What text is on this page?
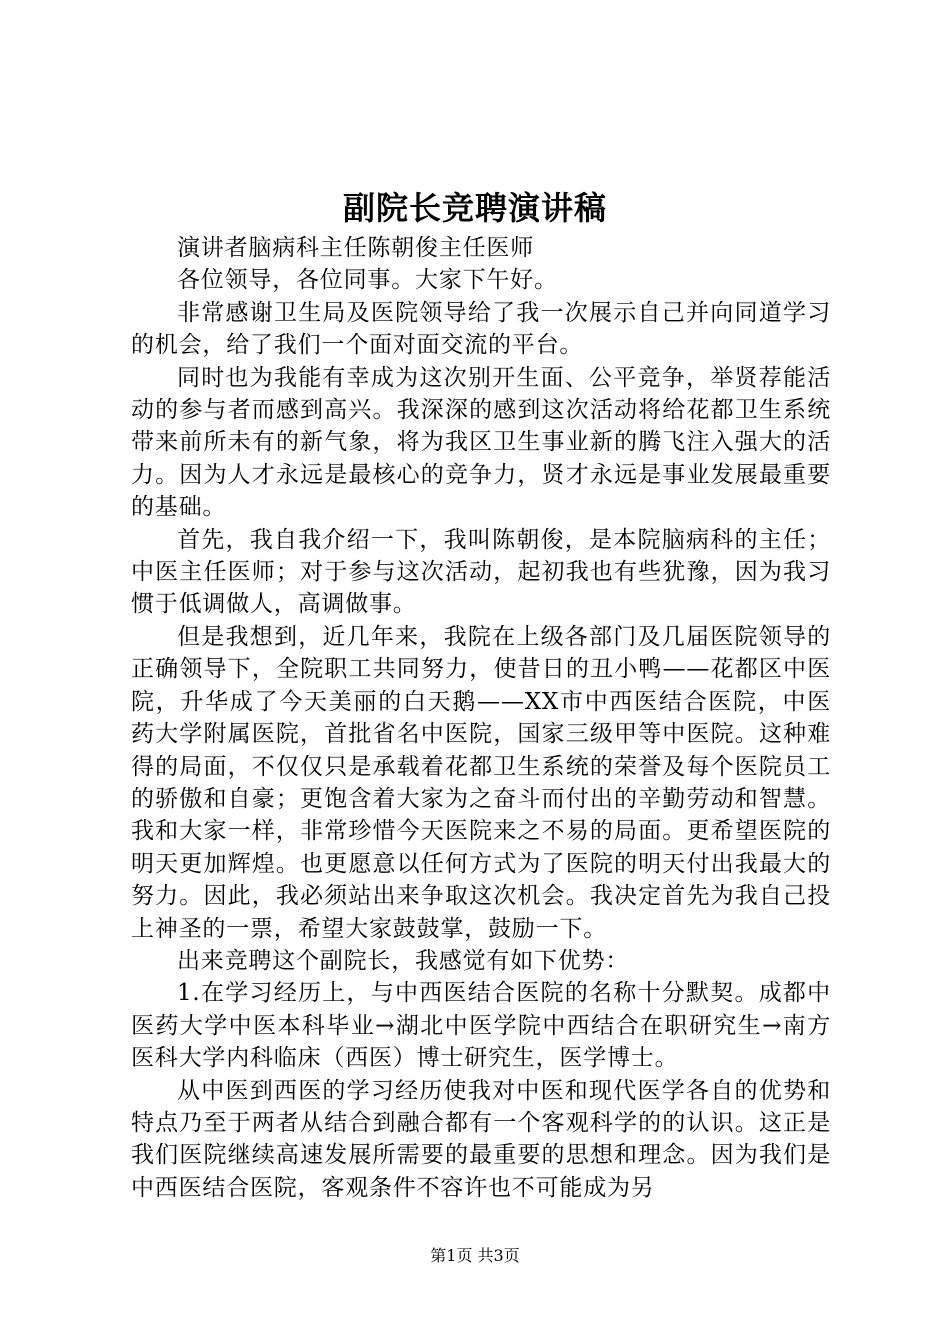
副院长竞聘演讲稿

演讲者脑病科主任陈朝俊主任医师

各位领导，各位同事。大家下午好。

非常感谢卫生局及医院领导给了我一次展示自己并向同道学习的机会，给了我们一个面对面交流的平台。

同时也为我能有幸成为这次别开生面、公平竞争，举贤荐能活动的参与者而感到高兴。我深深的感到这次活动将给花都卫生系统带来前所未有的新气象，将为我区卫生事业新的腾飞注入强大的活力。因为人才永远是最核心的竞争力，贤才永远是事业发展最重要的基础。

首先，我自我介绍一下，我叫陈朝俊，是本院脑病科的主任；中医主任医师；对于参与这次活动，起初我也有些犹豫，因为我习惯于低调做人，高调做事。

但是我想到，近几年来，我院在上级各部门及几届医院领导的正确领导下，全院职工共同努力，使昔日的丑小鸭——花都区中医院，升华成了今天美丽的白天鹅——XX市中西医结合医院，中医药大学附属医院，首批省名中医院，国家三级甲等中医院。这种难得的局面，不仅仅只是承载着花都卫生系统的荣誉及每个医院员工的骄傲和自豪；更饱含着大家为之奋斗而付出的辛勤劳动和智慧。我和大家一样，非常珍惜今天医院来之不易的局面。更希望医院的明天更加辉煌。也更愿意以任何方式为了医院的明天付出我最大的努力。因此，我必须站出来争取这次机会。我决定首先为我自己投上神圣的一票，希望大家鼓鼓掌，鼓励一下。

出来竞聘这个副院长，我感觉有如下优势：

1.在学习经历上，与中西医结合医院的名称十分默契。成都中医药大学中医本科毕业→湖北中医学院中西结合在职研究生→南方医科大学内科临床（西医）博士研究生，医学博士。

从中医到西医的学习经历使我对中医和现代医学各自的优势和特点乃至于两者从结合到融合都有一个客观科学的的认识。这正是我们医院继续高速发展所需要的最重要的思想和理念。因为我们是中西医结合医院，客观条件不容许也不可能成为另

第1页 共3页
